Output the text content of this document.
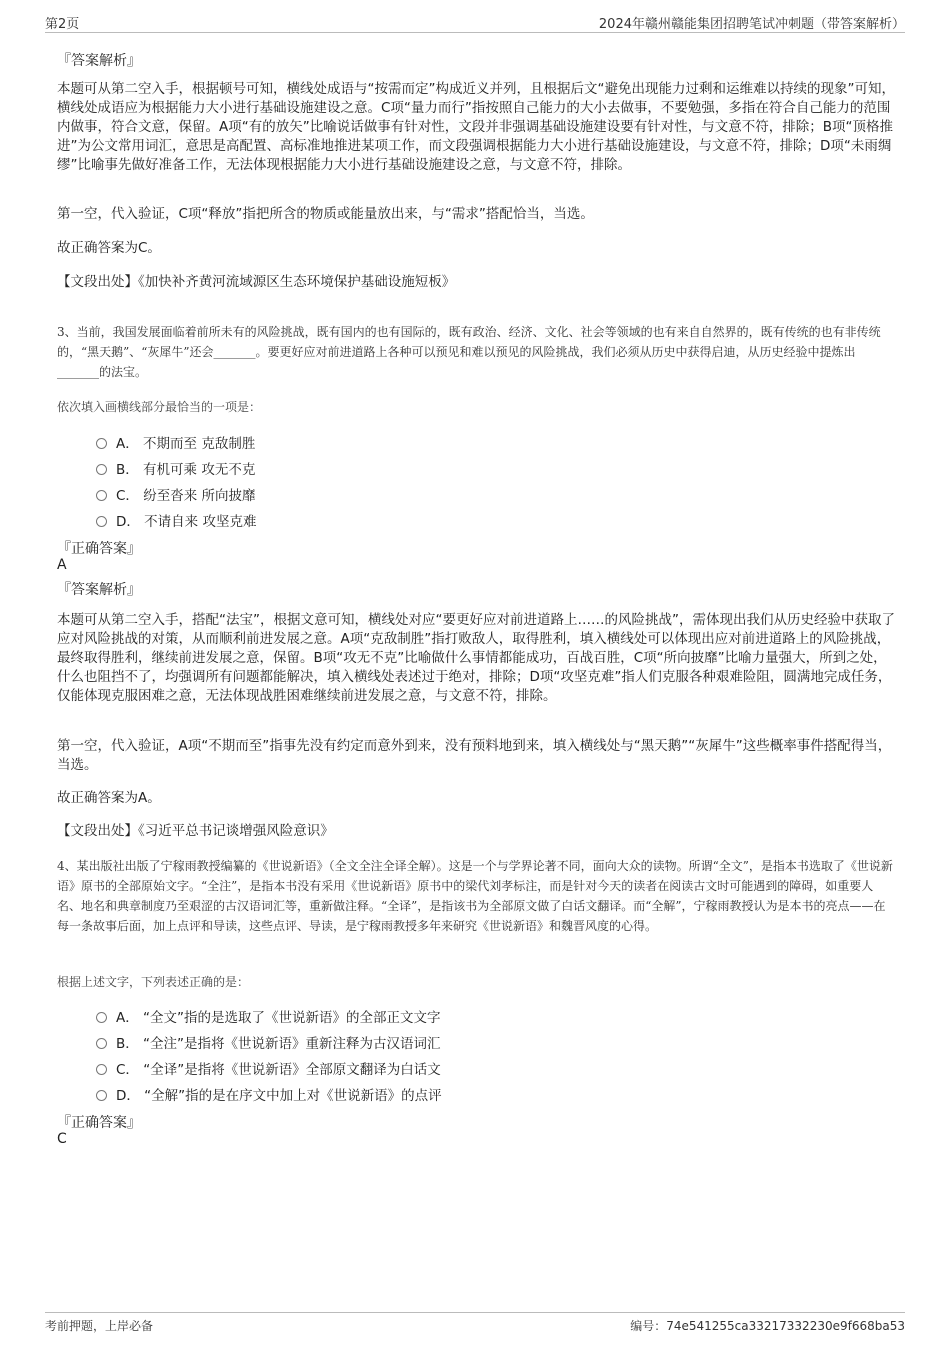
第2页	2024年赣州赣能集团招聘笔试冲刺题（带答案解析）
『答案解析』
本题可从第二空入手，根据顿号可知，横线处成语与“按需而定”构成近义并列，且根据后文“避免出现能力过剩和运维难以持续的现象”可知，横线处成语应为根据能力大小进行基础设施建设之意。C项“量力而行”指按照自己能力的大小去做事，不要勉强，多指在符合自己能力的范围内做事，符合文意，保留。A项“有的放矢”比喻说话做事有针对性，文段并非强调基础设施建设要有针对性，与文意不符，排除；B项“顶格推进”为公文常用词汇，意思是高配置、高标准地推进某项工作，而文段强调根据能力大小进行基础设施建设，与文意不符，排除；D项“未雨绸缪”比喻事先做好准备工作，无法体现根据能力大小进行基础设施建设之意，与文意不符，排除。
第一空，代入验证，C项“释放”指把所含的物质或能量放出来，与“需求”搭配恰当，当选。
故正确答案为C。
【文段出处】《加快补齐黄河流域源区生态环境保护基础设施短板》
3、当前，我国发展面临着前所未有的风险挑战，既有国内的也有国际的，既有政治、经济、文化、社会等领域的也有来自自然界的，既有传统的也有非传统的，“黑天鹅”、“灰犀牛”还会_______。要更好应对前进道路上各种可以预见和难以预见的风险挑战，我们必须从历史中获得启迪，从历史经验中提炼出_______的法宝。
依次填入画横线部分最恰当的一项是：
A． 不期而至 克敌制胜
B． 有机可乘 攻无不克
C． 纷至沓来 所向披靡
D． 不请自来 攻坚克难
『正确答案』
A
『答案解析』
本题可从第二空入手，搭配“法宝”，根据文意可知，横线处对应“要更好应对前进道路上……的风险挑战”，需体现出我们从历史经验中获取了应对风险挑战的对策，从而顺利前进发展之意。A项“克敌制胜”指打败敌人，取得胜利，填入横线处可以体现出应对前进道路上的风险挑战，最终取得胜利，继续前进发展之意，保留。B项“攻无不克”比喻做什么事情都能成功，百战百胜，C项“所向披靡”比喻力量强大，所到之处，什么也阻挡不了，均强调所有问题都能解决，填入横线处表述过于绝对，排除；D项“攻坚克难”指人们克服各种艰难险阻，圆满地完成任务，仅能体现克服困难之意，无法体现战胜困难继续前进发展之意，与文意不符，排除。
第一空，代入验证，A项“不期而至”指事先没有约定而意外到来，没有预料地到来，填入横线处与“黑天鹅”“灰犀牛”这些概率事件搭配得当，当选。
故正确答案为A。
【文段出处】《习近平总书记谈增强风险意识》
4、某出版社出版了宁稼雨教授编纂的《世说新语》（全文全注全译全解）。这是一个与学界论著不同，面向大众的读物。所谓“全文”，是指本书选取了《世说新语》原书的全部原始文字。“全注”，是指本书没有采用《世说新语》原书中的梁代刘孝标注，而是针对今天的读者在阅读古文时可能遇到的障碍，如重要人名、地名和典章制度乃至艰涩的古汉语词汇等，重新做注释。“全译”，是指该书为全部原文做了白话文翻译。而“全解”，宁稼雨教授认为是本书的亮点——在每一条故事后面，加上点评和导读，这些点评、导读，是宁稼雨教授多年来研究《世说新语》和魏晋风度的心得。
根据上述文字，下列表述正确的是：
A． “全文”指的是选取了《世说新语》的全部正文文字
B． “全注”是指将《世说新语》重新注释为古汉语词汇
C． “全译”是指将《世说新语》全部原文翻译为白话文
D． “全解”指的是在序文中加上对《世说新语》的点评
『正确答案』
C
考前押题，上岸必备	编号：74e541255ca33217332230e9f668ba53
